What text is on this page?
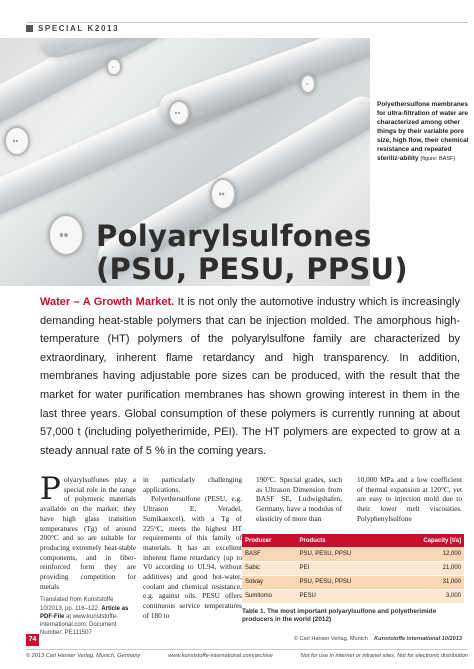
SPECIAL K2013
Polyarylsulfones
(PSU, PESU, PPSU)
Polyethersulfone membranes for ultra-filtration of water are characterized among other things by their variable pore size, high flow, their chemical resistance and repeated steriliz-ability (figure: BASF)
Water – A Growth Market. It is not only the automotive industry which is increasingly demanding heat-stable polymers that can be injection molded. The amorphous high-temperature (HT) polymers of the polyarylsulfone family are characterized by extraordinary, inherent flame retardancy and high transparency. In addition, membranes having adjustable pore sizes can be produced, with the result that the market for water purification membranes has shown growing interest in them in the last three years. Global consumption of these polymers is currently running at about 57,000 t (including polyetherimide, PEI). The HT polymers are expected to grow at a steady annual rate of 5 % in the coming years.

P olyarylsulfones play a special role in the range of polymeric materials available on the market: they have high glass transition temperatures (Tg) of around 200°C and so are suitable for producing extremely heat-stable components, and in fiber-reinforced form they are providing competition for metals

Translated from Kunststoffe 10/2013, pp. 116–122. Article as PDF-File at www.kunststoffe-international.com; Document Number: PE111507

in particularly challenging applications.

Polyethersulfone (PESU, e.g. Ultrason E, Veradel, Sumikaexcel), with a Tg of 225°C, meets the highest HT requirements of this family of materials. It has an excellent inherent flame retardancy (up to V0 according to UL94, without additives) and good hot-water, coolant and chemical resistance, e.g. against oils. PESU offers continuous service temperatures of 180 to

190°C. Special grades, such as Ultrason Dimension from BASF SE, Ludwigshafen, Germany, have a modulus of elasticity of more than

10,000 MPa and a low coefficient of thermal expansion at 120°C, yet are easy to injection mold due to their lower melt viscosities. Polyphenylsulfone

Producer	Products	Capacity [t/a]
BASF	PSU, PESU, PPSU	12,000
Sabic	PEI	21,000
Solvay	PSU, PESU, PPSU	31,000
Sumitomo	PESU	3,000
Table 1. The most important polyarylsulfone and polyetherimide producers in the world (2012)
74	© Carl Hanser Verlag, Munich Kunststoffe international 10/2013
© 2013 Carl Hanser Verlag, Munich, Germany	www.kunststoffe-international.com/archive	Not for use in internet or intranet sites. Not for electronic distribution
